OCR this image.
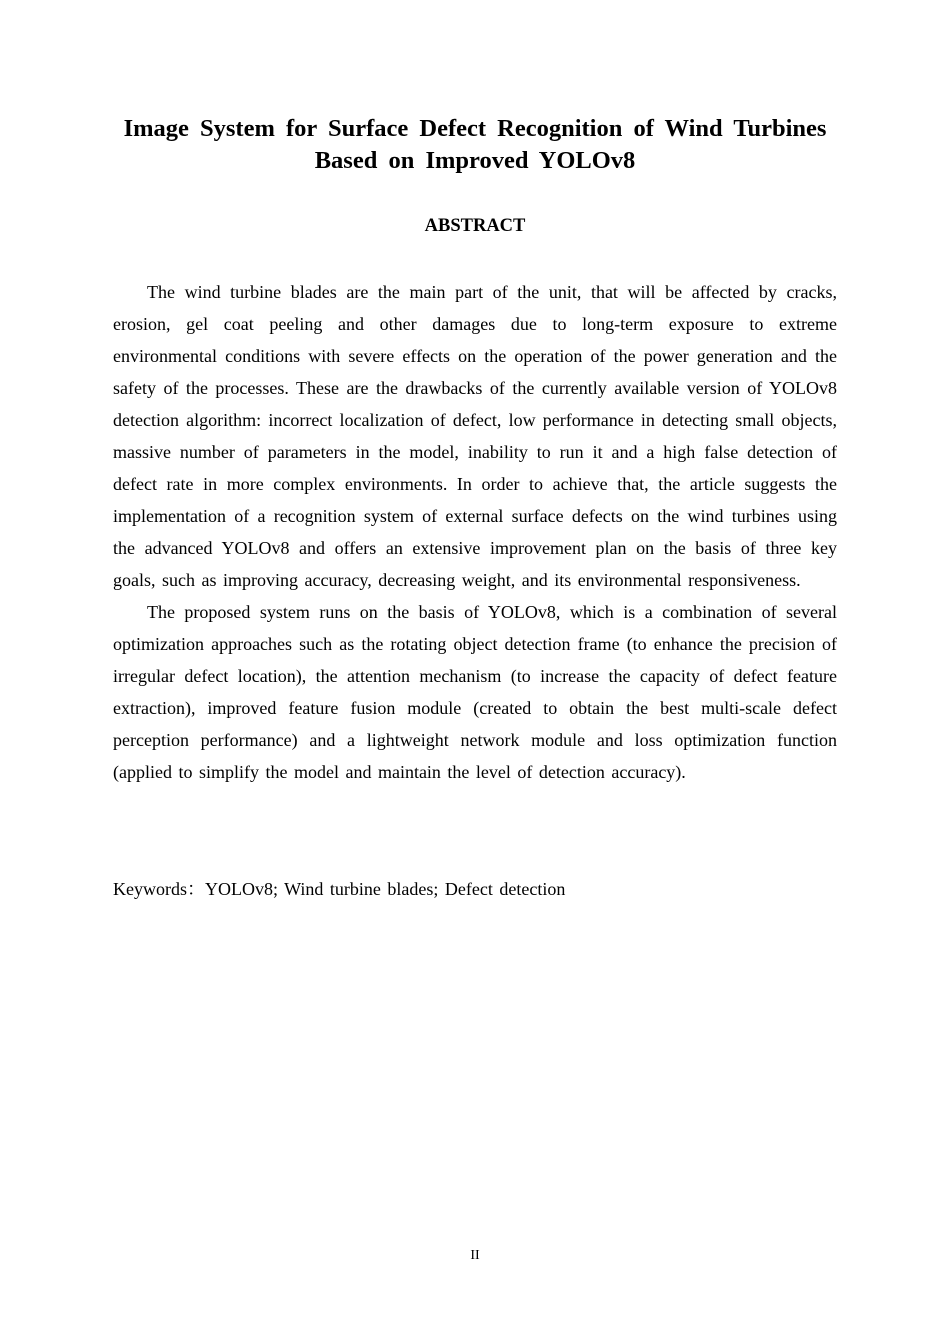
Image System for Surface Defect Recognition of Wind Turbines Based on Improved YOLOv8
ABSTRACT

The wind turbine blades are the main part of the unit, that will be affected by cracks, erosion, gel coat peeling and other damages due to long-term exposure to extreme environmental conditions with severe effects on the operation of the power generation and the safety of the processes. These are the drawbacks of the currently available version of YOLOv8 detection algorithm: incorrect localization of defect, low performance in detecting small objects, massive number of parameters in the model, inability to run it and a high false detection of defect rate in more complex environments. In order to achieve that, the article suggests the implementation of a recognition system of external surface defects on the wind turbines using the advanced YOLOv8 and offers an extensive improvement plan on the basis of three key goals, such as improving accuracy, decreasing weight, and its environmental responsiveness.

The proposed system runs on the basis of YOLOv8, which is a combination of several optimization approaches such as the rotating object detection frame (to enhance the precision of irregular defect location), the attention mechanism (to increase the capacity of defect feature extraction), improved feature fusion module (created to obtain the best multi-scale defect perception performance) and a lightweight network module and loss optimization function (applied to simplify the model and maintain the level of detection accuracy).

Keywords：YOLOv8; Wind turbine blades; Defect detection

II
